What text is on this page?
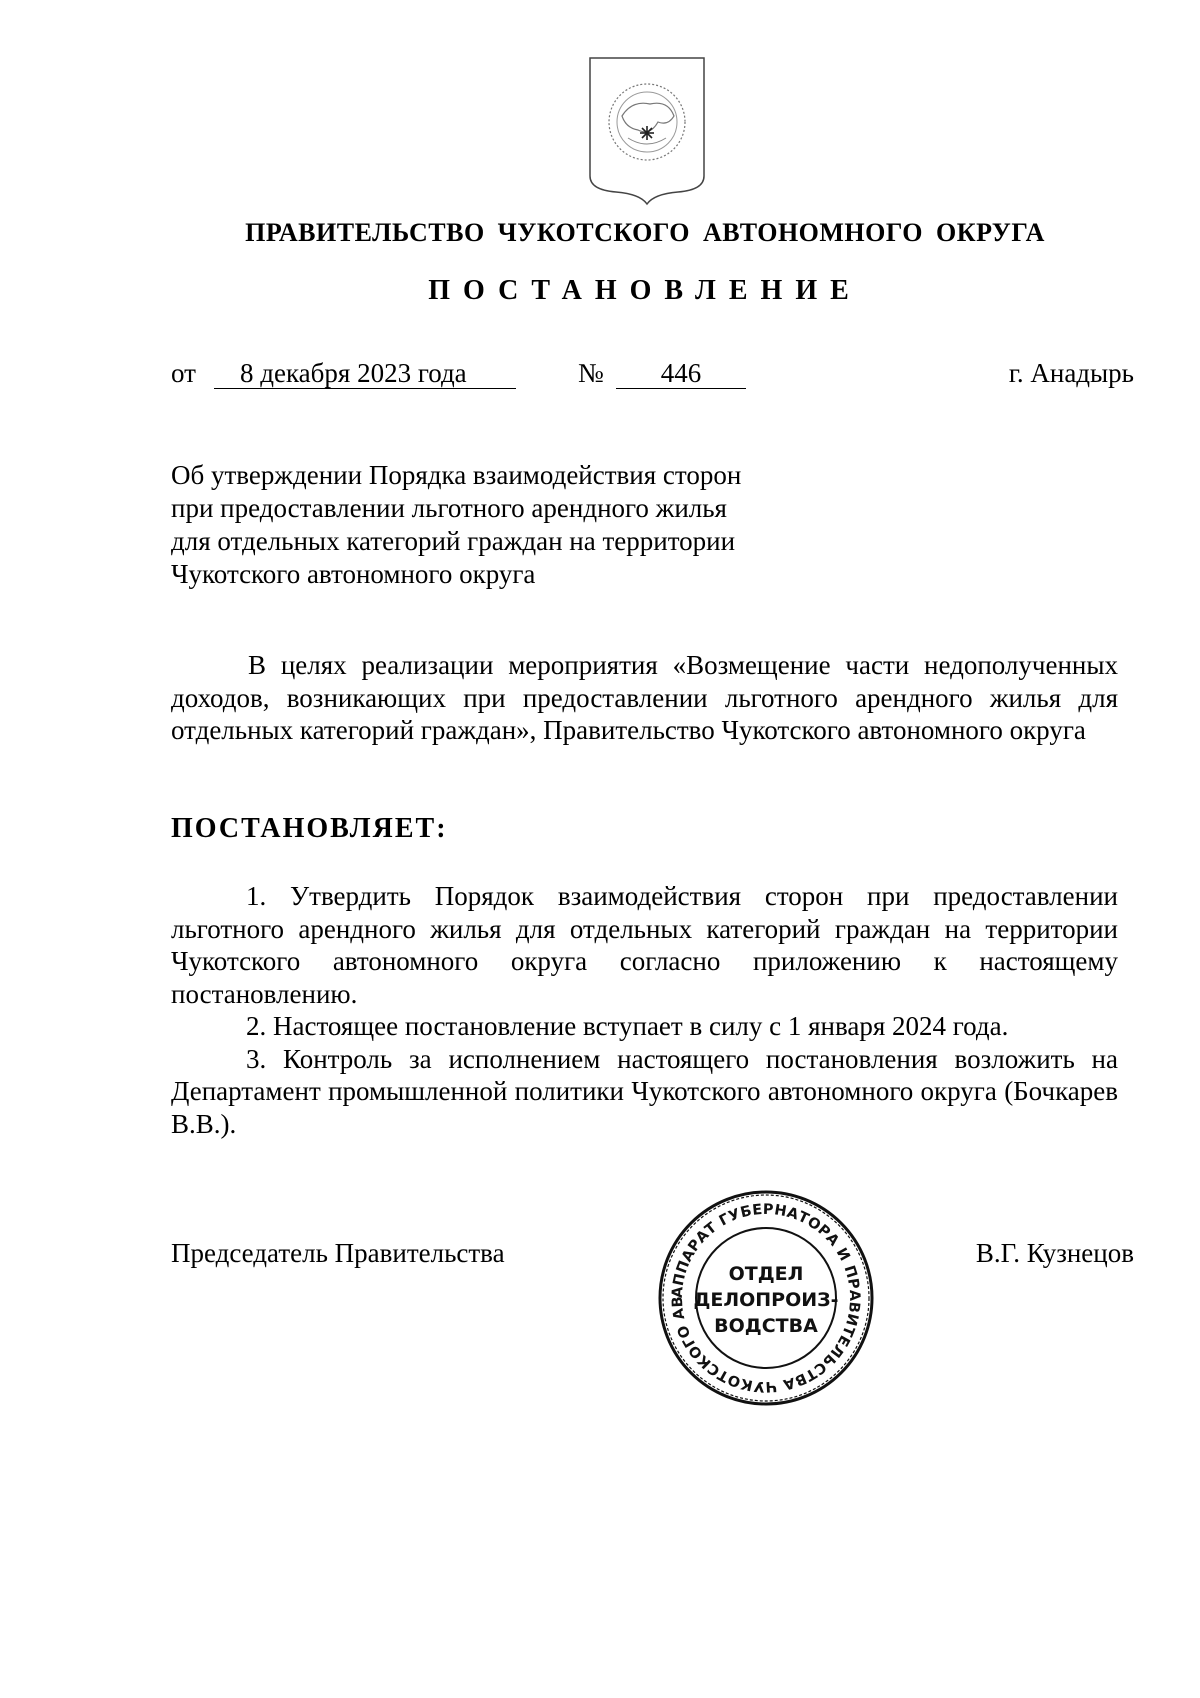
ПРАВИТЕЛЬСТВО ЧУКОТСКОГО АВТОНОМНОГО ОКРУГА
ПОСТАНОВЛЕНИЕ
от	8 декабря 2023 года	№	446	г. Анадырь
Об утверждении Порядка взаимодействия сторон
при предоставлении льготного арендного жилья
для отдельных категорий граждан на территории
Чукотского автономного округа
В целях реализации мероприятия «Возмещение части недополученных доходов, возникающих при предоставлении льготного арендного жилья для отдельных категорий граждан», Правительство Чукотского автономного округа
ПОСТАНОВЛЯЕТ:

1. Утвердить Порядок взаимодействия сторон при предоставлении льготного арендного жилья для отдельных категорий граждан на территории Чукотского автономного округа согласно приложению к настоящему постановлению.

2. Настоящее постановление вступает в силу с 1 января 2024 года.

3. Контроль за исполнением настоящего постановления возложить на Департамент промышленной политики Чукотского автономного округа (Бочкарев В.В.).

Председатель Правительства	В.Г. Кузнецов
АППАРАТ ГУБЕРНАТОРА И ПРАВИТЕЛЬСТВА ЧУКОТСКОГО АВ
ОТДЕЛ
ДЕЛОПРОИЗ-
ВОДСТВА
